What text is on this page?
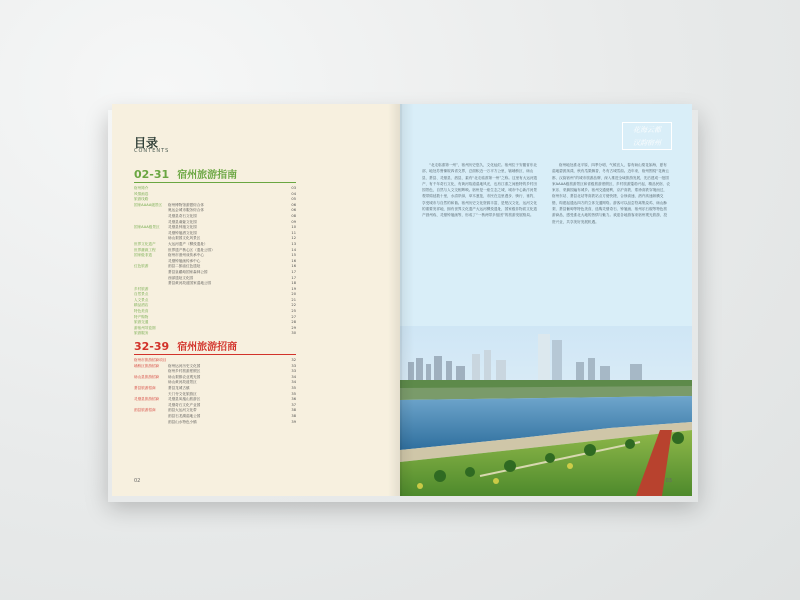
目录
CONTENTS
02-31 宿州旅游指南
宿州简介	03
风情画卷	04
旅游线路	05
国家AAAA级景区	宿州博物馆游憩综合体	06
奥运会城市服务综合体	06
灵璧县奇石文化园	08
灵璧县虞姬文化园	09
国家AAA级景区	灵璧县钟馗文化园	10
灵璧钟馗酒文化园	11
砀山梨园文化风景区	12
世界文化遗产	大运河遗产（柳孜遗址）	13
世界灌溉工程	世界遗产核心区（遗址公园）	14
国家级非遗	宿州市泗州戏传承中心	15
灵璧钟馗画传承中心	16
红色旅游	泗县二郎庙红色遗址	16
萧县皇藏峪国家森林公园	17
西部遗址文化园	17
萧县黄河故道国家湿地公园	18
乡村旅游	19
自然景点	20
人文景点	21
精品酒店	22
特色美食	25
特产购物	27
旅游交通	28
游宿州导览图	29
旅游服务	30
32-39 宿州旅游招商
宿州市旅游招商项目	32
埇桥区旅游招商	宿州运河历史文化园	33
宿州乡村旅游度假区	33
砀山县旅游招商	砀山梨都农业观光园	34
砀山黄河故道景区	34
萧县旅游招商	萧县龙城古镇	35
天门寺文化旅游区	35
灵璧县旅游招商	灵璧县凤凰山旅游区	36
灵璧奇石文化产业园	37
泗县旅游招商	泗县大运河文化带	38
泗县石龙湖湿地公园	38
泗县山水特色小镇	39
02
花海云都
汉韵宿州
“北走临淮第一州”，宿州历史悠久，文化灿烂。宿州位于安徽省东北部，地处苏鲁豫皖四省交界，总面积近一万平方公里，辖埇桥区、砀山县、萧县、灵璧县、泗县，素有“北走临淮第一州”之称。这里有大运河遗产、有千年奇石文化，有黄河故道湿地风光，也有江淮之间独特的乡村田园景色，自然与人文交相辉映。宿州是一座生态之城，城市中心新汴河景观带绵延数十里，水清岸绿，草木葱茏，市民在这里漫步、骑行、垂钓，享受城市与自然的和谐。宿州历史文化资源丰富，是楚汉文化、运河文化的重要发祥地，拥有世界文化遗产大运河柳孜遗址，国家级非物质文化遗产泗州戏、灵璧钟馗画等，形成了“一核两带多组团”的旅游发展格局。
宿州地处淮北平原，四季分明，气候宜人，春有砀山梨花如海，夏有湿地碧波荡漾，秋有瓜果飘香，冬有古城雪韵。近年来，宿州围绕“花海云都、汉韵宿州”的城市旅游品牌，深入推进全域旅游发展，先后建成一批国家AAAA级旅游景区和省级旅游度假区，乡村旅游蓬勃兴起，精品民宿、农家乐、采摘园遍布城乡。宿州交通便利，京沪高铁、郑徐高铁穿境而过，宿州东站、萧县北站等高铁站点方便快捷，合徐高速、泗许高速纵横交错，构建起通达四方的立体交通网络。游客可以品尝符离集烧鸡、砀山酥梨、萧县葡萄等特色美食，选购灵璧奇石、钟馗画、宿州乐石砚等特色旅游商品，感受淮北大地的热情与魅力。欢迎各地游客来宿州观光旅游，投资兴业，共享美好发展机遇。
03
